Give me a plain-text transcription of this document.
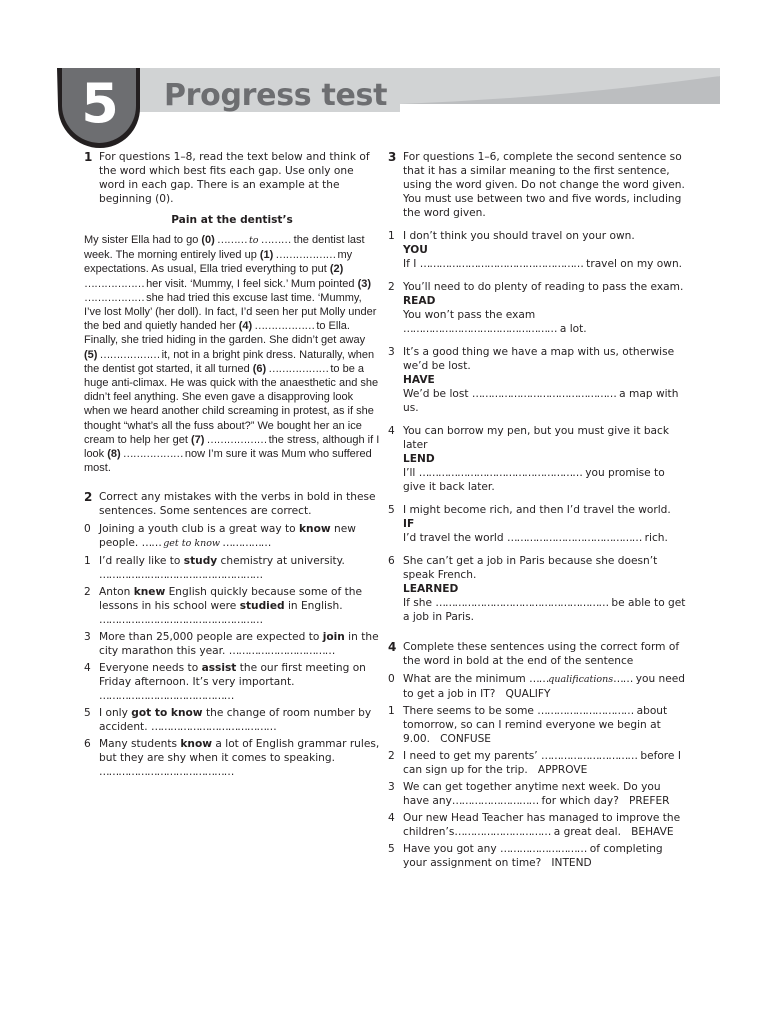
5	Progress test
1 For questions 1–8, read the text below and think of the word which best fits each gap. Use only one word in each gap. There is an example at the beginning (0).
Pain at the dentist’s
My sister Ella had to go (0) ……… to ……… the dentist last week. The morning entirely lived up (1) ……………… my expectations. As usual, Ella tried everything to put (2) ……………… her visit. ‘Mummy, I feel sick.’ Mum pointed (3) ……………… she had tried this excuse last time. ‘Mummy, I’ve lost Molly’ (her doll). In fact, I’d seen her put Molly under the bed and quietly handed her (4) ……………… to Ella. Finally, she tried hiding in the garden. She didn’t get away (5) ……………… it, not in a bright pink dress. Naturally, when the dentist got started, it all turned (6) ……………… to be a huge anti-climax. He was quick with the anaesthetic and she didn’t feel anything. She even gave a disapproving look when we heard another child screaming in protest, as if she thought “what’s all the fuss about?” We bought her an ice cream to help her get (7) ……………… the stress, although if I look (8) ……………… now I’m sure it was Mum who suffered most.
2 Correct any mistakes with the verbs in bold in these sentences. Some sentences are correct.
0 Joining a youth club is a great way to know new people. …… get to know ……………
1 I’d really like to study chemistry at university.
……………………………………………
2 Anton knew English quickly because some of the lessons in his school were studied in English.
……………………………………………
3 More than 25,000 people are expected to join in the city marathon this year. ……………………………
4 Everyone needs to assist the our first meeting on Friday afternoon. It’s very important.
……………………………………
5 I only got to know the change of room number by accident. …………………………………
6 Many students know a lot of English grammar rules, but they are shy when it comes to speaking.
……………………………………
3 For questions 1–6, complete the second sentence so that it has a similar meaning to the first sentence, using the word given. Do not change the word given. You must use between two and five words, including the word given.
1 I don’t think you should travel on your own.
YOU
If I …………………………………………… travel on my own.
2 You’ll need to do plenty of reading to pass the exam.
READ
You won’t pass the exam ………………………………………… a lot.
3 It’s a good thing we have a map with us, otherwise we’d be lost.
HAVE
We’d be lost ……………………………………… a map with us.
4 You can borrow my pen, but you must give it back later
LEND
I’ll …………………………………………… you promise to give it back later.
5 I might become rich, and then I’d travel the world.
IF
I’d travel the world …………………………………… rich.
6 She can’t get a job in Paris because she doesn’t speak French.
LEARNED
If she ……………………………………………… be able to get a job in Paris.
4 Complete these sentences using the correct form of the word in bold at the end of the sentence
0 What are the minimum ……qualifications…… you need to get a job in IT? QUALIFY
1 There seems to be some ………………………… about tomorrow, so can I remind everyone we begin at 9.00. CONFUSE
2 I need to get my parents’ ………………………… before I can sign up for the trip. APPROVE
3 We can get together anytime next week. Do you have any……………………… for which day? PREFER
4 Our new Head Teacher has managed to improve the children’s………………………… a great deal. BEHAVE
5 Have you got any ……………………… of completing your assignment on time? INTEND
